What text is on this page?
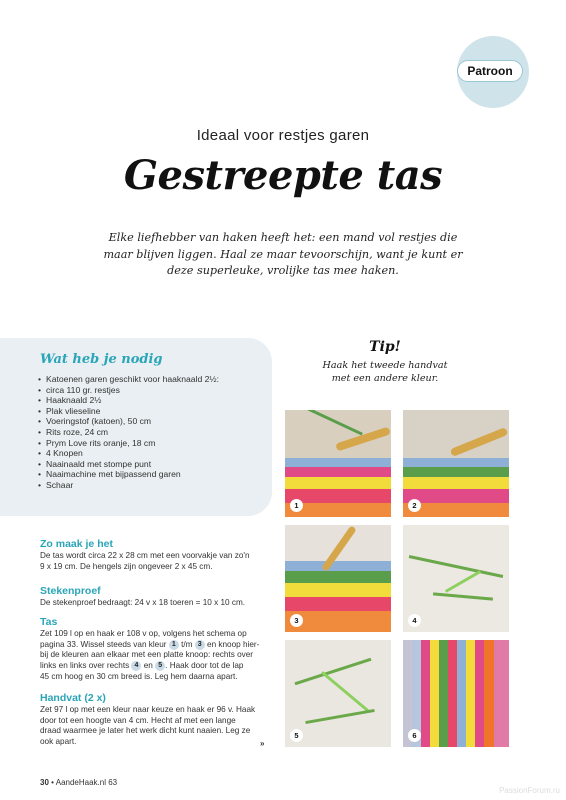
Patroon
Ideaal voor restjes garen
Gestreepte tas
Elke liefhebber van haken heeft het: een mand vol restjes die
maar blijven liggen. Haal ze maar tevoorschijn, want je kunt er
deze superleuke, vrolijke tas mee haken.
Wat heb je nodig
• Katoenen garen geschikt voor haaknaald 2½:
• circa 110 gr. restjes
• Haaknaald 2½
• Plak vlieseline
• Voeringstof (katoen), 50 cm
• Rits roze, 24 cm
• Prym Love rits oranje, 18 cm
• 4 Knopen
• Naainaald met stompe punt
• Naaimachine met bijpassend garen
• Schaar
Tip!
Haak het tweede handvat
met een andere kleur.
Zo maak je het
De tas wordt circa 22 x 28 cm met een voorvakje van zo'n
9 x 19 cm. De hengels zijn ongeveer 2 x 45 cm.
Stekenproef
De stekenproef bedraagt: 24 v x 18 toeren = 10 x 10 cm.
Tas
Zet 109 l op en haak er 108 v op, volgens het schema op
pagina 33. Wissel steeds van kleur 1 t/m 3 en knoop hier-
bij de kleuren aan elkaar met een platte knoop: rechts over
links en links over rechts 4 en 5 . Haak door tot de lap
45 cm hoog en 30 cm breed is. Leg hem daarna apart.
Handvat (2 x)
Zet 97 l op met een kleur naar keuze en haak er 96 v. Haak
door tot een hoogte van 4 cm. Hecht af met een lange
draad waarmee je later het werk dicht kunt naaien. Leg ze
ook apart.	»
1	2
3	4
5	6
30 • AandeHaak.nl 63
PassionForum.ru
